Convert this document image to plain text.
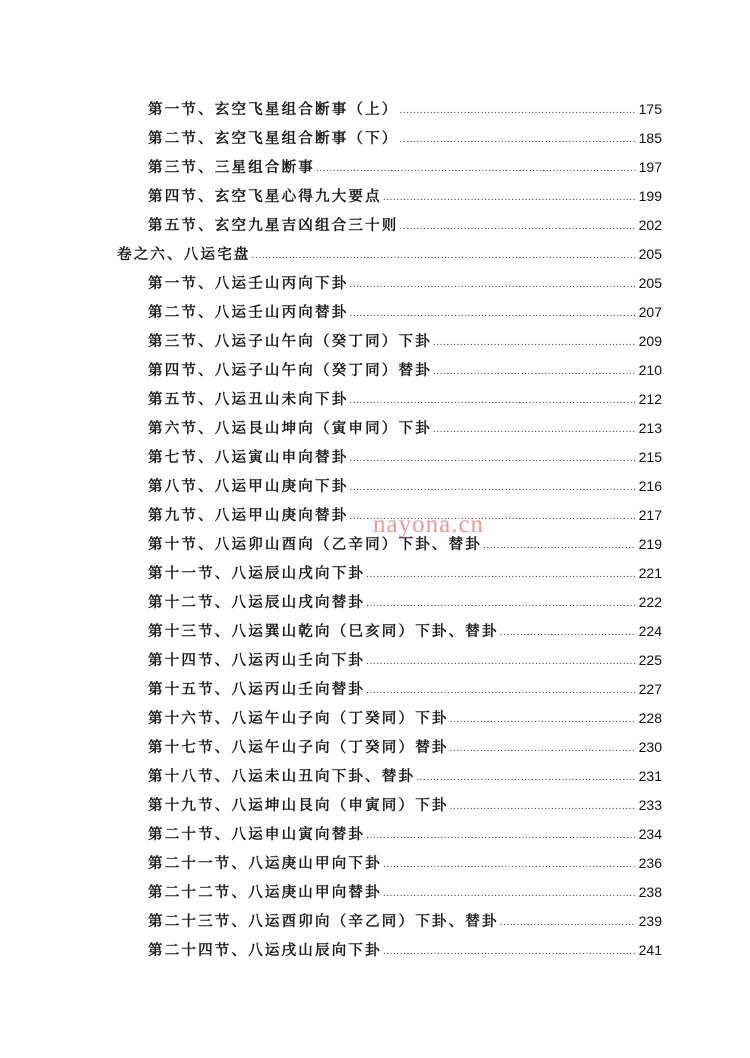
第一节、玄空飞星组合断事（上） .....	175
第二节、玄空飞星组合断事（下） .....	185
第三节、三星组合断事 .....	197
第四节、玄空飞星心得九大要点 .....	199
第五节、玄空九星吉凶组合三十则 .....	202
卷之六、八运宅盘 .....	205
第一节、八运壬山丙向下卦 .....	205
第二节、八运壬山丙向替卦 .....	207
第三节、八运子山午向（癸丁同）下卦 .....	209
第四节、八运子山午向（癸丁同）替卦 .....	210
第五节、八运丑山未向下卦 .....	212
第六节、八运艮山坤向（寅申同）下卦 .....	213
第七节、八运寅山申向替卦 .....	215
第八节、八运甲山庚向下卦 .....	216
第九节、八运甲山庚向替卦 .....	217
第十节、八运卯山酉向（乙辛同）下卦、替卦 .....	219
第十一节、八运辰山戌向下卦 .....	221
第十二节、八运辰山戌向替卦 .....	222
第十三节、八运巽山乾向（巳亥同）下卦、替卦 .....	224
第十四节、八运丙山壬向下卦 .....	225
第十五节、八运丙山壬向替卦 .....	227
第十六节、八运午山子向（丁癸同）下卦 .....	228
第十七节、八运午山子向（丁癸同）替卦 .....	230
第十八节、八运未山丑向下卦、替卦 .....	231
第十九节、八运坤山艮向（申寅同）下卦 .....	233
第二十节、八运申山寅向替卦 .....	234
第二十一节、八运庚山甲向下卦 .....	236
第二十二节、八运庚山甲向替卦 .....	238
第二十三节、八运酉卯向（辛乙同）下卦、替卦 .....	239
第二十四节、八运戌山辰向下卦 .....	241
nayona.cn
